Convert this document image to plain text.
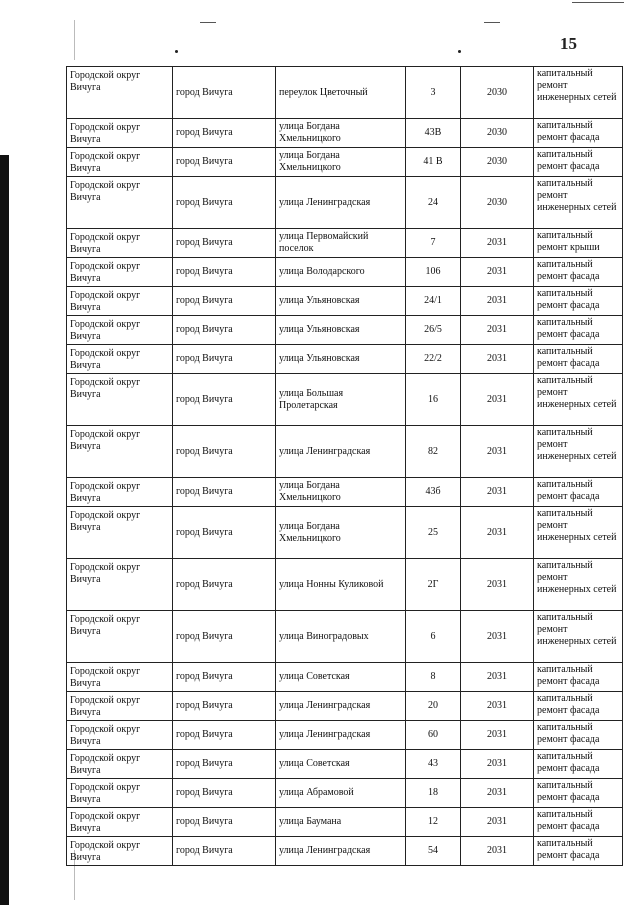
15
Городской округ Вичуга	город Вичуга	переулок Цветочный	3	2030	капитальный ремонт инженерных сетей
Городской округ Вичуга	город Вичуга	улица Богдана Хмельницкого	43В	2030	капитальный ремонт фасада
Городской округ Вичуга	город Вичуга	улица Богдана Хмельницкого	41 В	2030	капитальный ремонт фасада
Городской округ Вичуга	город Вичуга	улица Ленинградская	24	2030	капитальный ремонт инженерных сетей
Городской округ Вичуга	город Вичуга	улица Первомайский поселок	7	2031	капитальный ремонт крыши
Городской округ Вичуга	город Вичуга	улица Володарского	106	2031	капитальный ремонт фасада
Городской округ Вичуга	город Вичуга	улица Ульяновская	24/1	2031	капитальный ремонт фасада
Городской округ Вичуга	город Вичуга	улица Ульяновская	26/5	2031	капитальный ремонт фасада
Городской округ Вичуга	город Вичуга	улица Ульяновская	22/2	2031	капитальный ремонт фасада
Городской округ Вичуга	город Вичуга	улица Большая Пролетарская	16	2031	капитальный ремонт инженерных сетей
Городской округ Вичуга	город Вичуга	улица Ленинградская	82	2031	капитальный ремонт инженерных сетей
Городской округ Вичуга	город Вичуга	улица Богдана Хмельницкого	43б	2031	капитальный ремонт фасада
Городской округ Вичуга	город Вичуга	улица Богдана Хмельницкого	25	2031	капитальный ремонт инженерных сетей
Городской округ Вичуга	город Вичуга	улица Нонны Куликовой	2Г	2031	капитальный ремонт инженерных сетей
Городской округ Вичуга	город Вичуга	улица Виноградовых	6	2031	капитальный ремонт инженерных сетей
Городской округ Вичуга	город Вичуга	улица Советская	8	2031	капитальный ремонт фасада
Городской округ Вичуга	город Вичуга	улица Ленинградская	20	2031	капитальный ремонт фасада
Городской округ Вичуга	город Вичуга	улица Ленинградская	60	2031	капитальный ремонт фасада
Городской округ Вичуга	город Вичуга	улица Советская	43	2031	капитальный ремонт фасада
Городской округ Вичуга	город Вичуга	улица Абрамовой	18	2031	капитальный ремонт фасада
Городской округ Вичуга	город Вичуга	улица Баумана	12	2031	капитальный ремонт фасада
Городской округ Вичуга	город Вичуга	улица Ленинградская	54	2031	капитальный ремонт фасада
